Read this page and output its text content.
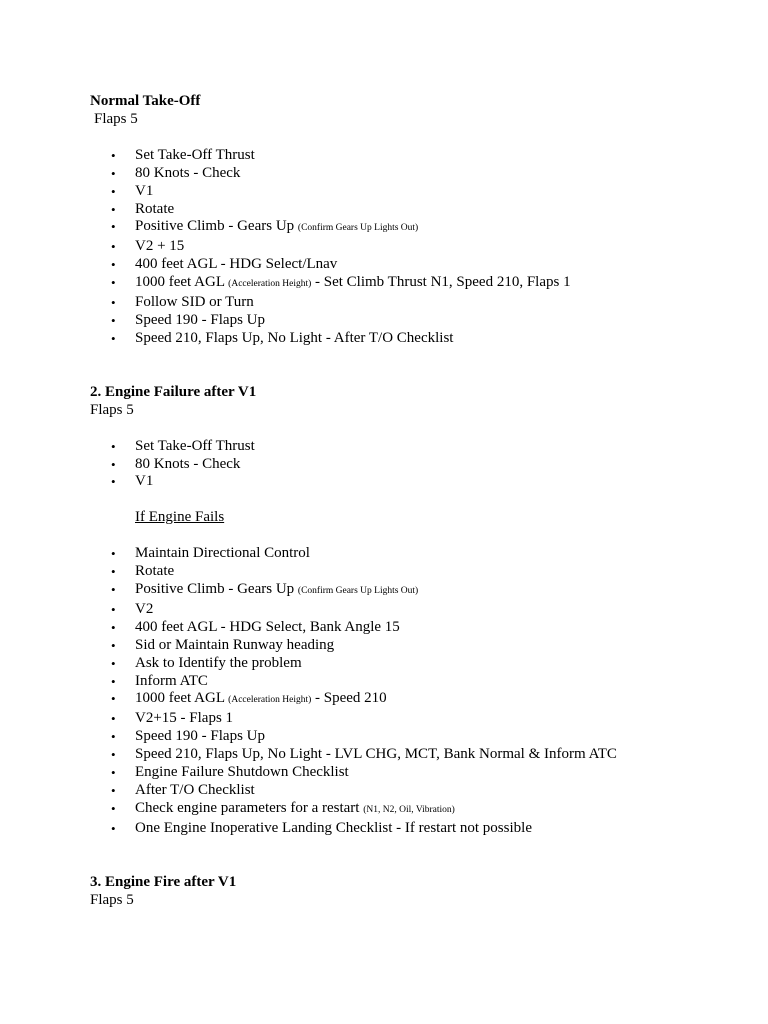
Normal Take-Off

Flaps 5

• Set Take-Off Thrust
• 80 Knots - Check
• V1
• Rotate
• Positive Climb - Gears Up (Confirm Gears Up Lights Out)
• V2 + 15
• 400 feet AGL - HDG Select/Lnav
• 1000 feet AGL (Acceleration Height) - Set Climb Thrust N1, Speed 210, Flaps 1
• Follow SID or Turn
• Speed 190 - Flaps Up
• Speed 210, Flaps Up, No Light - After T/O Checklist

2. Engine Failure after V1

Flaps 5

• Set Take-Off Thrust
• 80 Knots - Check
• V1

If Engine Fails

• Maintain Directional Control
• Rotate
• Positive Climb - Gears Up (Confirm Gears Up Lights Out)
• V2
• 400 feet AGL - HDG Select, Bank Angle 15
• Sid or Maintain Runway heading
• Ask to Identify the problem
• Inform ATC
• 1000 feet AGL (Acceleration Height) - Speed 210
• V2+15 - Flaps 1
• Speed 190 - Flaps Up
• Speed 210, Flaps Up, No Light - LVL CHG, MCT, Bank Normal & Inform ATC
• Engine Failure Shutdown Checklist
• After T/O Checklist
• Check engine parameters for a restart (N1, N2, Oil, Vibration)
• One Engine Inoperative Landing Checklist - If restart not possible

3. Engine Fire after V1

Flaps 5
